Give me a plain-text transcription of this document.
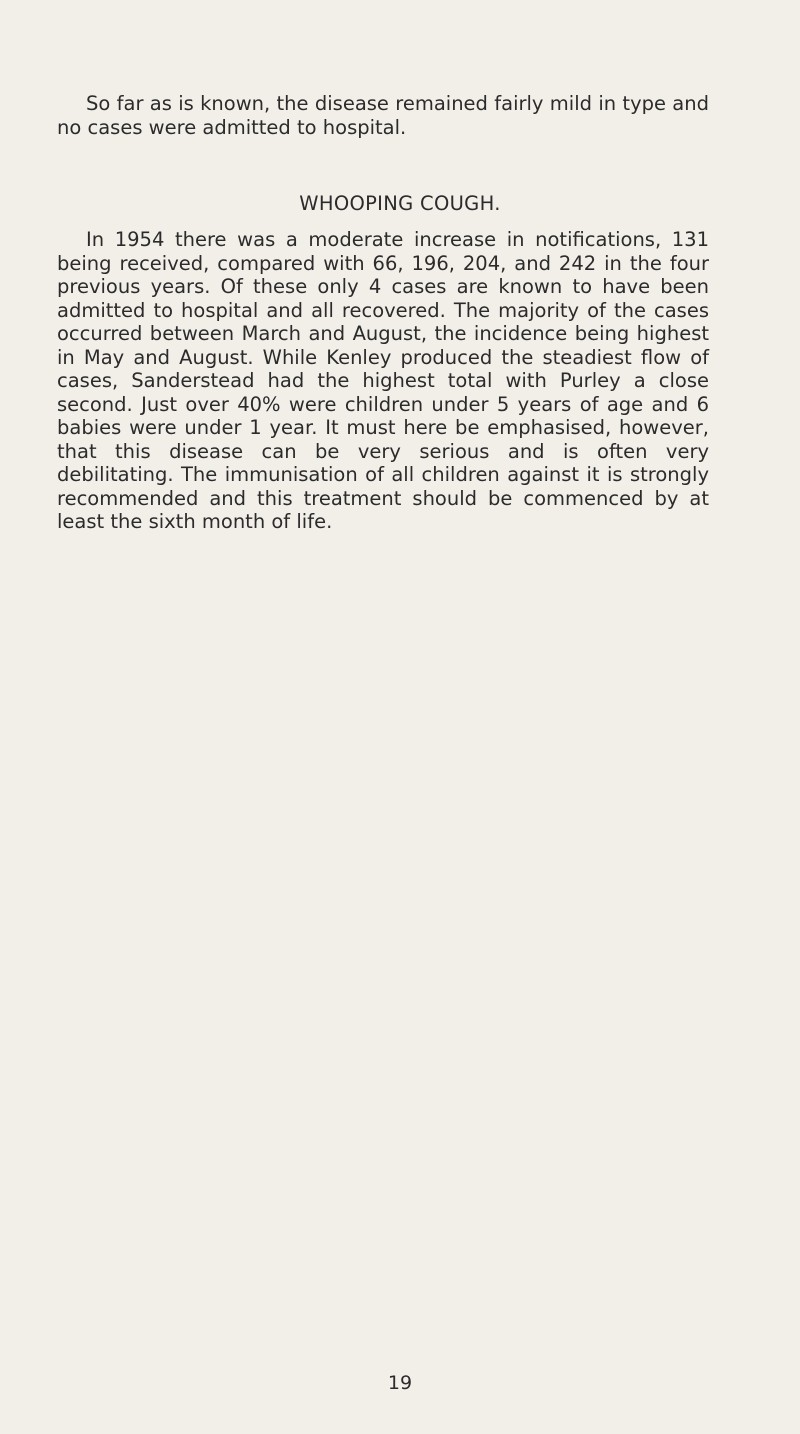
So far as is known, the disease remained fairly mild in type and no cases were admitted to hospital.

WHOOPING COUGH.

In 1954 there was a moderate increase in notifications, 131 being received, compared with 66, 196, 204, and 242 in the four previous years. Of these only 4 cases are known to have been admitted to hospital and all recovered. The majority of the cases occurred between March and August, the incidence being highest in May and August. While Kenley produced the steadiest flow of cases, Sanderstead had the highest total with Purley a close second. Just over 40% were children under 5 years of age and 6 babies were under 1 year. It must here be emphasised, however, that this disease can be very serious and is often very debilitating. The immunisation of all children against it is strongly recommended and this treatment should be commenced by at least the sixth month of life.

19
